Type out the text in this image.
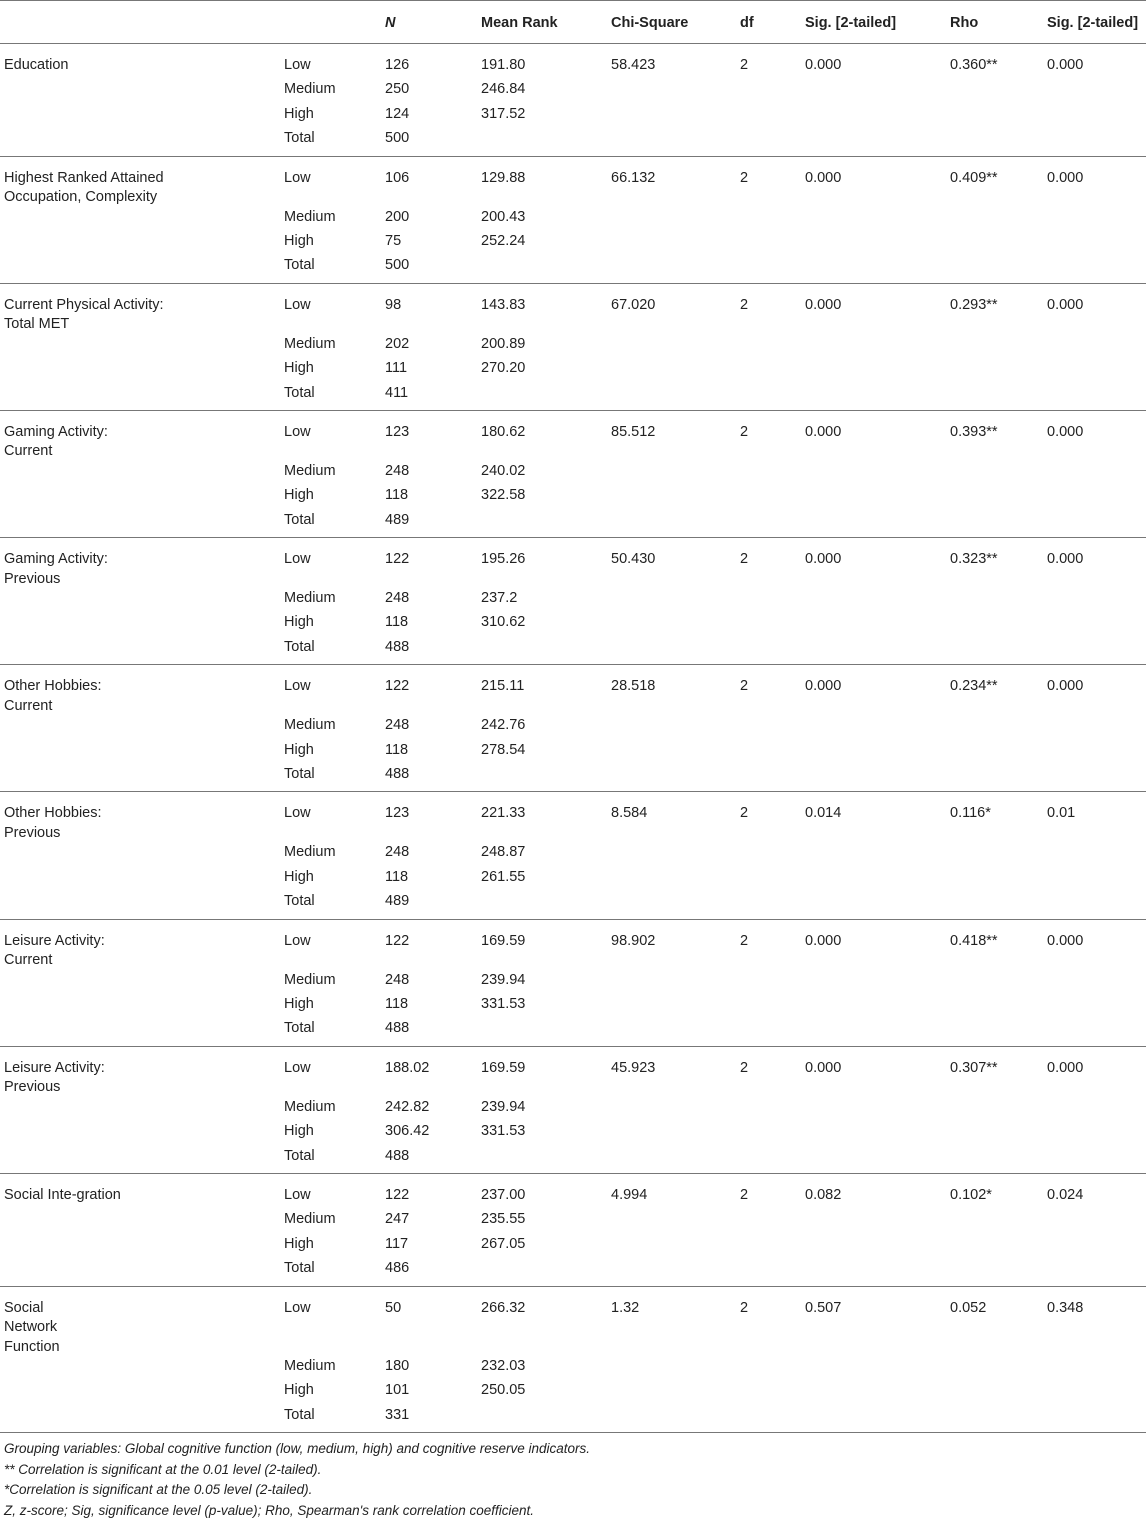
		N	Mean Rank	Chi-Square	df	Sig. [2-tailed]	Rho	Sig. [2-tailed]

Education	Low	126	191.80	58.423	2	0.000	0.360**	0.000
	Medium	250	246.84					
	High	124	317.52					
	Total	500						

Highest Ranked Attained Occupation, Complexity	Low	106	129.88	66.132	2	0.000	0.409**	0.000
	Medium	200	200.43					
	High	75	252.24					
	Total	500						

Current Physical Activity: Total MET	Low	98	143.83	67.020	2	0.000	0.293**	0.000
	Medium	202	200.89					
	High	111	270.20					
	Total	411						

Gaming Activity: Current	Low	123	180.62	85.512	2	0.000	0.393**	0.000
	Medium	248	240.02					
	High	118	322.58					
	Total	489						

Gaming Activity: Previous	Low	122	195.26	50.430	2	0.000	0.323**	0.000
	Medium	248	237.2					
	High	118	310.62					
	Total	488						

Other Hobbies: Current	Low	122	215.11	28.518	2	0.000	0.234**	0.000
	Medium	248	242.76					
	High	118	278.54					
	Total	488						

Other Hobbies: Previous	Low	123	221.33	8.584	2	0.014	0.116*	0.01
	Medium	248	248.87					
	High	118	261.55					
	Total	489						

Leisure Activity: Current	Low	122	169.59	98.902	2	0.000	0.418**	0.000
	Medium	248	239.94					
	High	118	331.53					
	Total	488						

Leisure Activity: Previous	Low	188.02	169.59	45.923	2	0.000	0.307**	0.000
	Medium	242.82	239.94					
	High	306.42	331.53					
	Total	488						

Social Inte-gration	Low	122	237.00	4.994	2	0.082	0.102*	0.024
	Medium	247	235.55					
	High	117	267.05					
	Total	486						

Social Network Function	Low	50	266.32	1.32	2	0.507	0.052	0.348
	Medium	180	232.03					
	High	101	250.05					
	Total	331						
Grouping variables: Global cognitive function (low, medium, high) and cognitive reserve indicators.
** Correlation is significant at the 0.01 level (2-tailed).
*Correlation is significant at the 0.05 level (2-tailed).
Z, z-score; Sig, significance level (p-value); Rho, Spearman's rank correlation coefficient.
